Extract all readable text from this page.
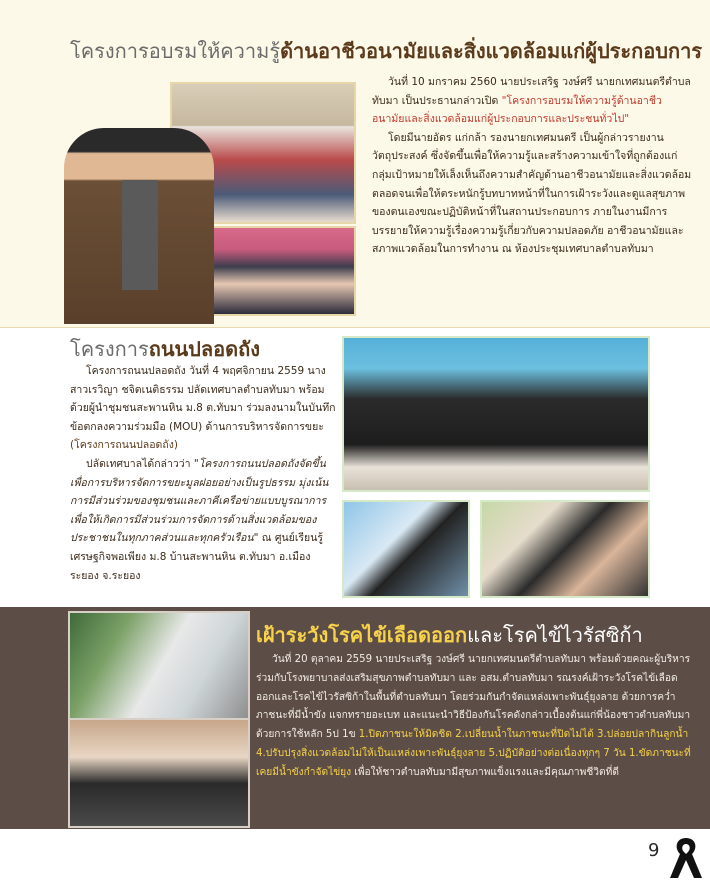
โครงการอบรมให้ความรู้ด้านอาชีวอนามัยและสิ่งแวดล้อมแก่ผู้ประกอบการ
วันที่ 10 มกราคม 2560 นายประเสริฐ วงษ์ศรี นายกเทศมนตรีตำบลทับมา เป็นประธานกล่าวเปิด "โครงการอบรมให้ความรู้ด้านอาชีวอนามัยและสิ่งแวดล้อมแก่ผู้ประกอบการและประชนทั่วไป"
โดยมีนายอัดร แก่กล้า รองนายกเทศมนตรี เป็นผู้กล่าวรายงานวัตถุประสงค์ ซึ่งจัดขึ้นเพื่อให้ความรู้และสร้างความเข้าใจที่ถูกต้องแก่กลุ่มเป้าหมายให้เล็งเห็นถึงความสำคัญด้านอาชีวอนามัยและสิ่งแวดล้อม ตลอดจนเพื่อให้ตระหนักรู้บทบาทหน้าที่ในการเฝ้าระวังและดูแลสุขภาพของตนเองขณะปฏิบัติหน้าที่ในสถานประกอบการ ภายในงานมีการบรรยายให้ความรู้เรื่องความรู้เกี่ยวกับความปลอดภัย อาชีวอนามัยและสภาพแวดล้อมในการทำงาน ณ ห้องประชุมเทศบาลตำบลทับมา
โครงการถนนปลอดถัง
โครงการถนนปลอดถัง วันที่ 4 พฤศจิกายน 2559 นางสาวเรวิญา ชจิตเนติธรรม ปลัดเทศบาลตำบลทับมา พร้อมด้วยผู้นำชุมชนสะพานหิน ม.8 ต.ทับมา ร่วมลงนามในบันทึกข้อตกลงความร่วมมือ (MOU) ด้านการบริหารจัดการขยะ (โครงการถนนปลอดถัง)
ปลัดเทศบาลได้กล่าวว่า "โครงการถนนปลอดถังจัดขึ้นเพื่อการบริหารจัดการขยะมูลฝอยอย่างเป็นรูปธรรม มุ่งเน้นการมีส่วนร่วมของชุมชนและภาคีเครือข่ายแบบบูรณาการ เพื่อให้เกิดการมีส่วนร่วมการจัดการด้านสิ่งแวดล้อมของประชาชนในทุกภาคส่วนและทุกครัวเรือน" ณ ศูนย์เรียนรู้เศรษฐกิจพอเพียง ม.8 บ้านสะพานหิน ต.ทับมา อ.เมืองระยอง จ.ระยอง
เฝ้าระวังโรคไข้เลือดออกและโรคไข้ไวรัสซิก้า
วันที่ 20 ตุลาคม 2559 นายประเสริฐ วงษ์ศรี นายกเทศมนตรีตำบลทับมา พร้อมด้วยคณะผู้บริหาร ร่วมกับโรงพยาบาลส่งเสริมสุขภาพตำบลทับมา และ อสม.ตำบลทับมา รณรงค์เฝ้าระวังโรคไข้เลือดออกและโรคไข้ไวรัสซิก้าในพื้นที่ตำบลทับมา โดยร่วมกันกำจัดแหล่งเพาะพันธุ์ยุงลาย ด้วยการคว่ำภาชนะที่มีน้ำขัง แจกทรายอะเบท และแนะนำวิธีป้องกันโรคดังกล่าวเบื้องต้นแก่พี่น้องชาวตำบลทับมา ด้วยการใช้หลัก 5ป 1ข 1.ปิดภาชนะให้มิดชิด 2.เปลี่ยนน้ำในภาชนะที่ปิดไม่ได้ 3.ปล่อยปลากินลูกน้ำ 4.ปรับปรุงสิ่งแวดล้อมไม่ให้เป็นแหล่งเพาะพันธุ์ยุงลาย 5.ปฏิบัติอย่างต่อเนื่องทุกๆ 7 วัน 1.ขัดภาชนะที่เคยมีน้ำขังกำจัดไข่ยุง เพื่อให้ชาวตำบลทับมามีสุขภาพแข็งแรงและมีคุณภาพชีวิตที่ดี
9
